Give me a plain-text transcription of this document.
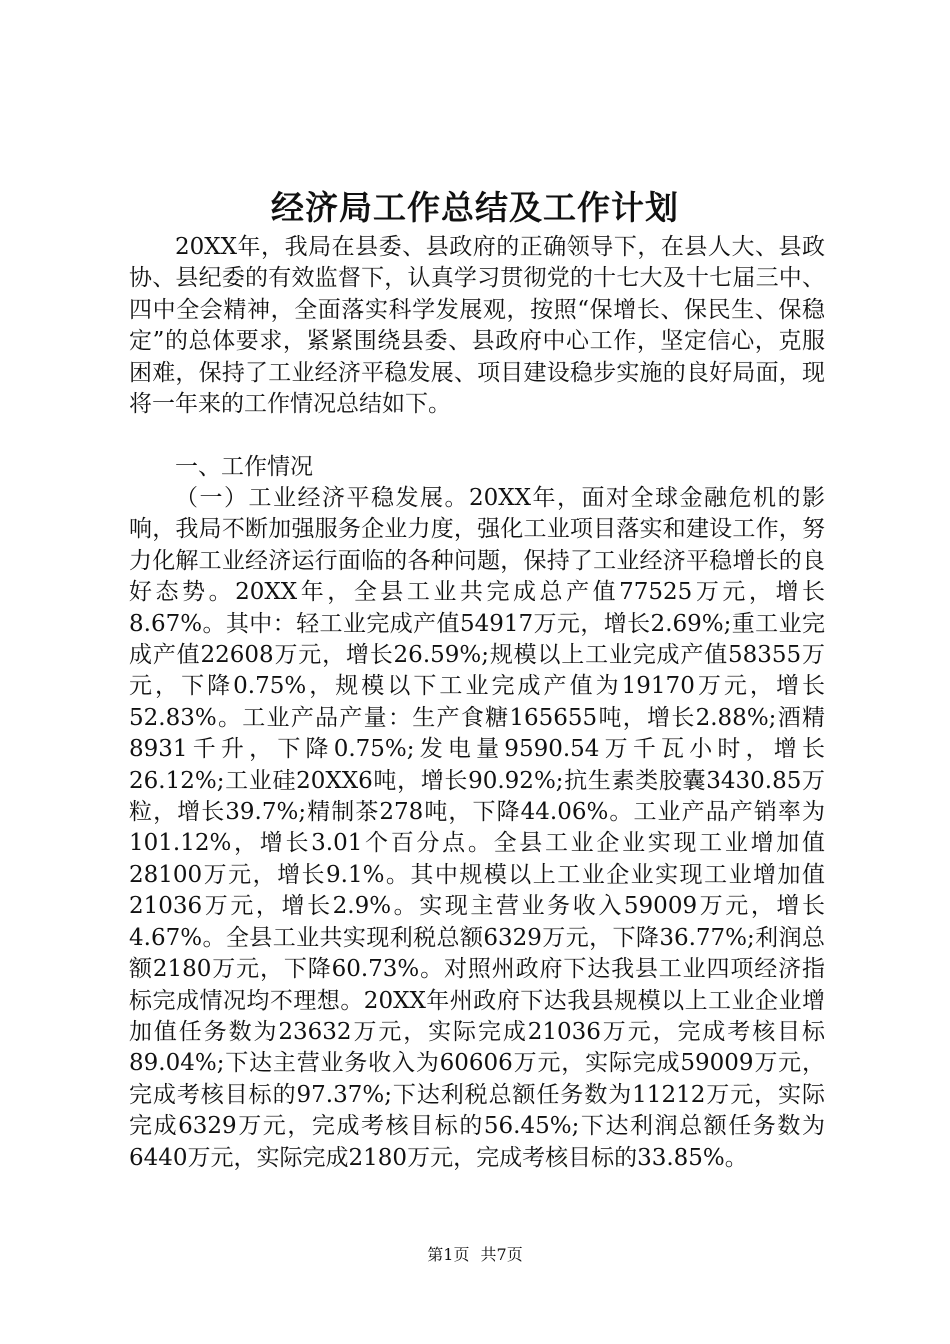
经济局工作总结及工作计划

20XX年，我局在县委、县政府的正确领导下，在县人大、县政协、县纪委的有效监督下，认真学习贯彻党的十七大及十七届三中、四中全会精神，全面落实科学发展观，按照“保增长、保民生、保稳定”的总体要求，紧紧围绕县委、县政府中心工作，坚定信心，克服困难，保持了工业经济平稳发展、项目建设稳步实施的良好局面，现将一年来的工作情况总结如下。

一、工作情况

（一）工业经济平稳发展。20XX年，面对全球金融危机的影响，我局不断加强服务企业力度，强化工业项目落实和建设工作，努力化解工业经济运行面临的各种问题，保持了工业经济平稳增长的良好态势。20XX年，全县工业共完成总产值77525万元，增长8.67%。其中：轻工业完成产值54917万元，增长2.69%;重工业完成产值22608万元，增长26.59%;规模以上工业完成产值58355万元，下降0.75%，规模以下工业完成产值为19170万元，增长52.83%。工业产品产量：生产食糖165655吨，增长2.88%;酒精8931千升，下降0.75%;发电量9590.54万千瓦小时，增长26.12%;工业硅20XX6吨，增长90.92%;抗生素类胶囊3430.85万粒，增长39.7%;精制茶278吨，下降44.06%。工业产品产销率为101.12%，增长3.01个百分点。全县工业企业实现工业增加值28100万元，增长9.1%。其中规模以上工业企业实现工业增加值21036万元，增长2.9%。实现主营业务收入59009万元，增长4.67%。全县工业共实现利税总额6329万元，下降36.77%;利润总额2180万元，下降60.73%。对照州政府下达我县工业四项经济指标完成情况均不理想。20XX年州政府下达我县规模以上工业企业增加值任务数为23632万元，实际完成21036万元，完成考核目标89.04%;下达主营业务收入为60606万元，实际完成59009万元，完成考核目标的97.37%;下达利税总额任务数为11212万元，实际完成6329万元，完成考核目标的56.45%;下达利润总额任务数为6440万元，实际完成2180万元，完成考核目标的33.85%。

第1页 共7页
